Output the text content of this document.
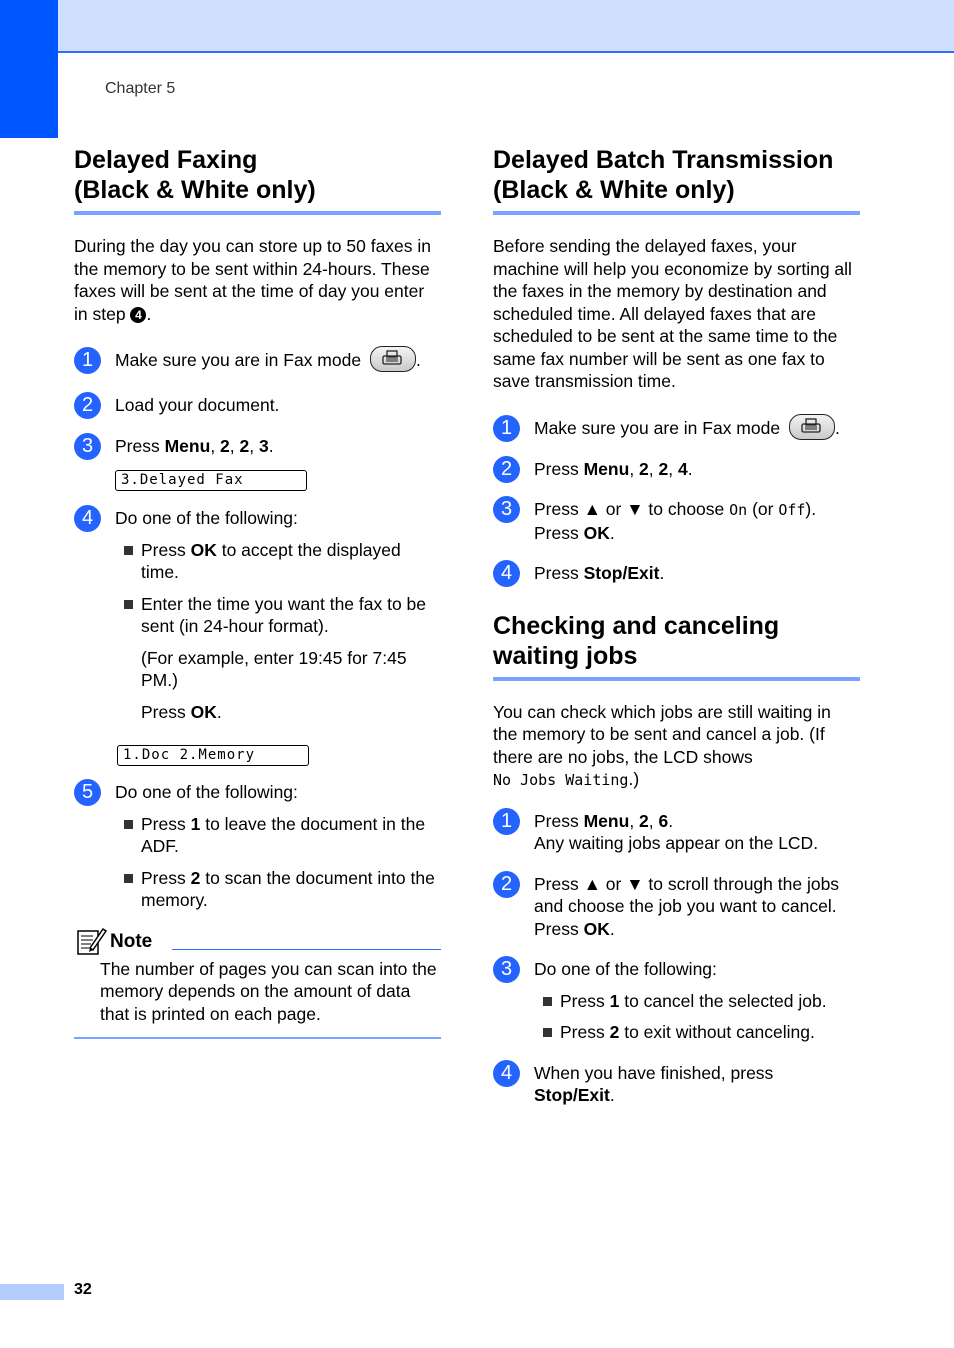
Chapter 5
Delayed Faxing
(Black & White only)

During the day you can store up to 50 faxes in the memory to be sent within 24-hours. These faxes will be sent at the time of day you enter in step 4 .

1	Make sure you are in Fax mode	.
2	Load your document.
3	Press Menu, 2, 2, 3.
3.Delayed Fax
4	Do one of the following:
Press OK to accept the displayed time.
Enter the time you want the fax to be sent (in 24-hour format).
(For example, enter 19:45 for 7:45 PM.)
Press OK.
1.Doc 2.Memory
5	Do one of the following:
Press 1 to leave the document in the ADF.
Press 2 to scan the document into the memory.
Note
The number of pages you can scan into the memory depends on the amount of data that is printed on each page.
Delayed Batch Transmission
(Black & White only)

Before sending the delayed faxes, your machine will help you economize by sorting all the faxes in the memory by destination and scheduled time. All delayed faxes that are scheduled to be sent at the same time to the same fax number will be sent as one fax to save transmission time.

1	Make sure you are in Fax mode	.
2	Press Menu, 2, 2, 4.
3	Press ▲ or ▼ to choose On (or Off).
Press OK.
4	Press Stop/Exit.
Checking and canceling
waiting jobs

You can check which jobs are still waiting in the memory to be sent and cancel a job. (If there are no jobs, the LCD shows
No Jobs Waiting.)

1	Press Menu, 2, 6.
Any waiting jobs appear on the LCD.
2	Press ▲ or ▼ to scroll through the jobs and choose the job you want to cancel.
Press OK.
3	Do one of the following:
Press 1 to cancel the selected job.
Press 2 to exit without canceling.
4	When you have finished, press
Stop/Exit.
32
